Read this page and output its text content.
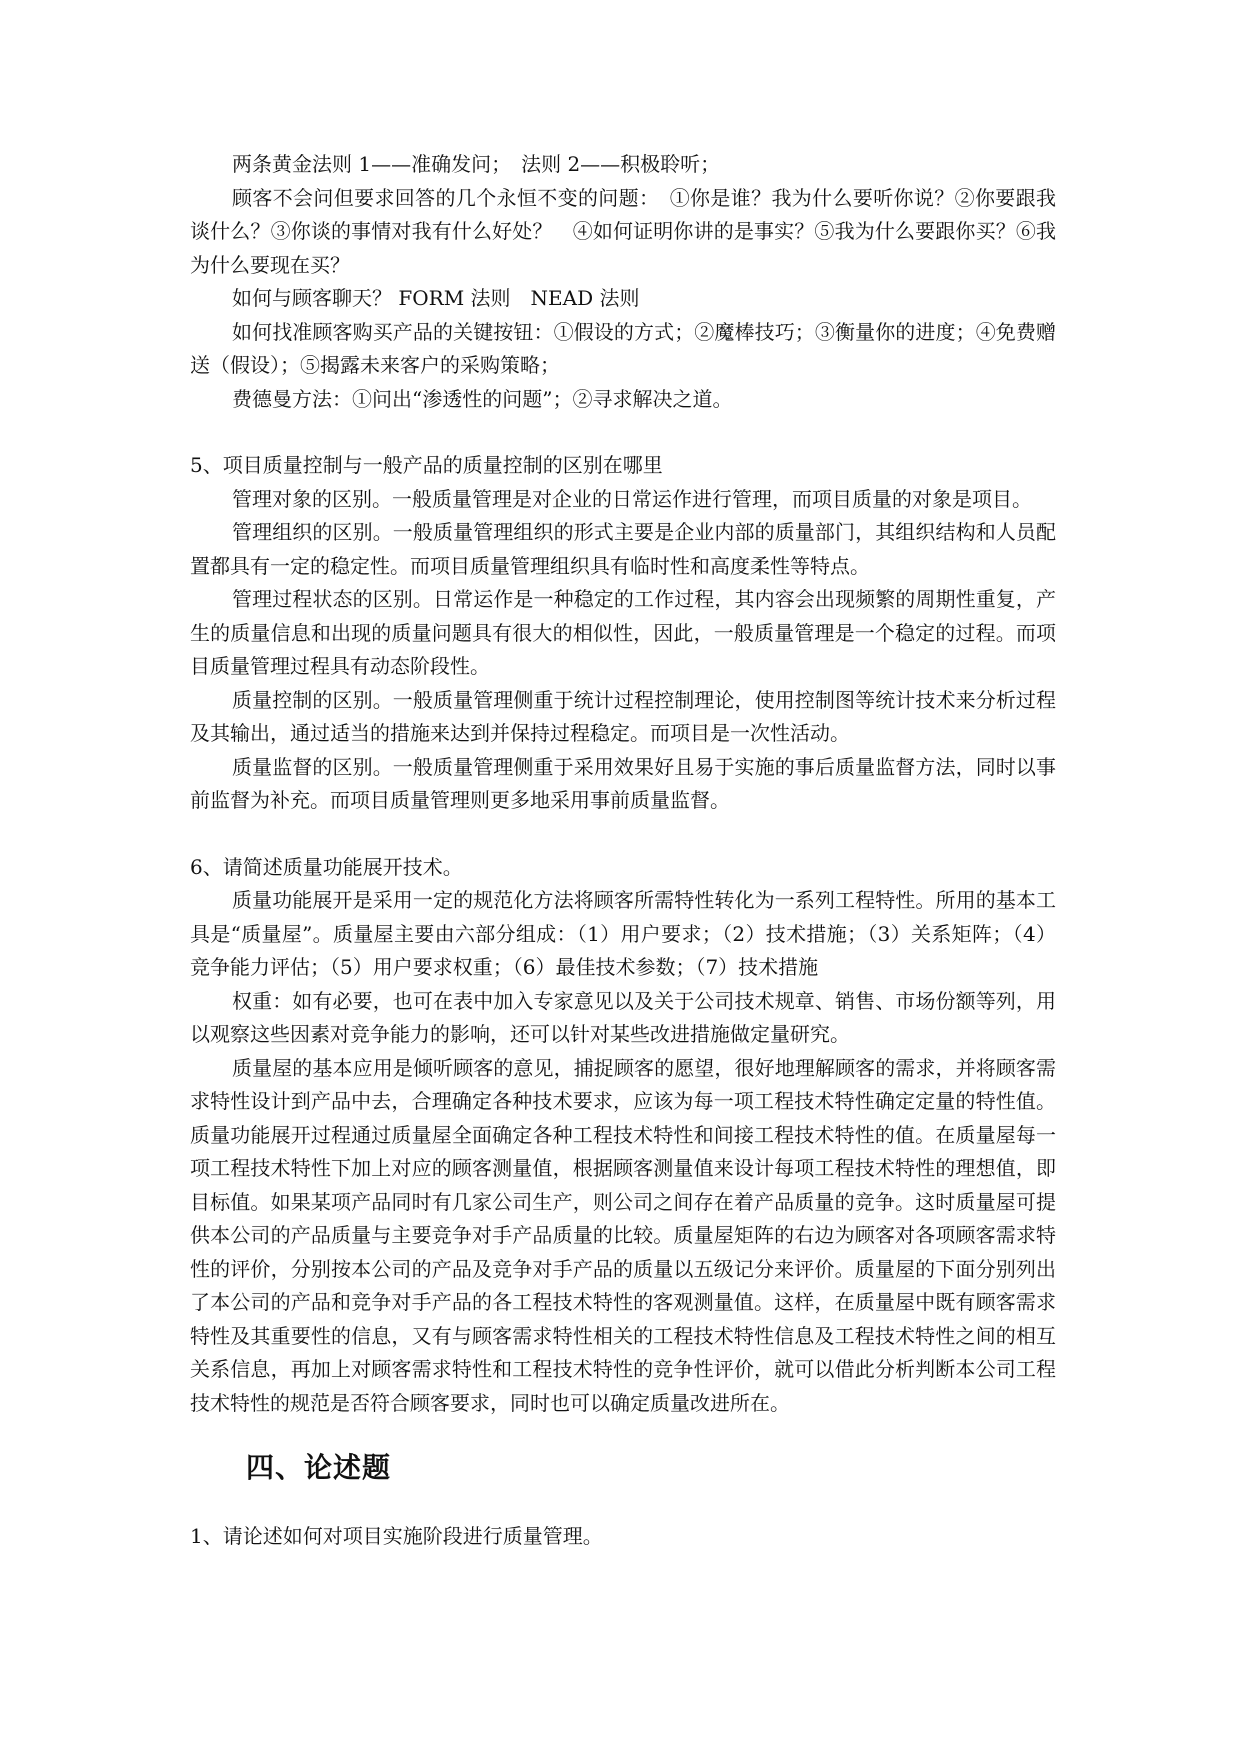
两条黄金法则 1——准确发问；　法则 2——积极聆听；

顾客不会问但要求回答的几个永恒不变的问题：　①你是谁？我为什么要听你说？②你要跟我谈什么？③你谈的事情对我有什么好处？　④如何证明你讲的是事实？⑤我为什么要跟你买？⑥我为什么要现在买？

如何与顾客聊天？ FORM 法则　NEAD 法则

如何找准顾客购买产品的关键按钮：①假设的方式；②魔棒技巧；③衡量你的进度；④免费赠送（假设）；⑤揭露未来客户的采购策略；

费德曼方法：①问出“渗透性的问题”；②寻求解决之道。

5、项目质量控制与一般产品的质量控制的区别在哪里

管理对象的区别。一般质量管理是对企业的日常运作进行管理，而项目质量的对象是项目。

管理组织的区别。一般质量管理组织的形式主要是企业内部的质量部门，其组织结构和人员配置都具有一定的稳定性。而项目质量管理组织具有临时性和高度柔性等特点。

管理过程状态的区别。日常运作是一种稳定的工作过程，其内容会出现频繁的周期性重复，产生的质量信息和出现的质量问题具有很大的相似性，因此，一般质量管理是一个稳定的过程。而项目质量管理过程具有动态阶段性。

质量控制的区别。一般质量管理侧重于统计过程控制理论，使用控制图等统计技术来分析过程及其输出，通过适当的措施来达到并保持过程稳定。而项目是一次性活动。

质量监督的区别。一般质量管理侧重于采用效果好且易于实施的事后质量监督方法，同时以事前监督为补充。而项目质量管理则更多地采用事前质量监督。

6、请简述质量功能展开技术。

质量功能展开是采用一定的规范化方法将顾客所需特性转化为一系列工程特性。所用的基本工具是“质量屋”。质量屋主要由六部分组成：（1）用户要求；（2）技术措施；（3）关系矩阵；（4）竞争能力评估；（5）用户要求权重；（6）最佳技术参数；（7）技术措施

权重：如有必要，也可在表中加入专家意见以及关于公司技术规章、销售、市场份额等列，用以观察这些因素对竞争能力的影响，还可以针对某些改进措施做定量研究。

质量屋的基本应用是倾听顾客的意见，捕捉顾客的愿望，很好地理解顾客的需求，并将顾客需求特性设计到产品中去，合理确定各种技术要求，应该为每一项工程技术特性确定定量的特性值。质量功能展开过程通过质量屋全面确定各种工程技术特性和间接工程技术特性的值。在质量屋每一项工程技术特性下加上对应的顾客测量值，根据顾客测量值来设计每项工程技术特性的理想值，即目标值。如果某项产品同时有几家公司生产，则公司之间存在着产品质量的竞争。这时质量屋可提供本公司的产品质量与主要竞争对手产品质量的比较。质量屋矩阵的右边为顾客对各项顾客需求特性的评价，分别按本公司的产品及竞争对手产品的质量以五级记分来评价。质量屋的下面分别列出了本公司的产品和竞争对手产品的各工程技术特性的客观测量值。这样，在质量屋中既有顾客需求特性及其重要性的信息，又有与顾客需求特性相关的工程技术特性信息及工程技术特性之间的相互关系信息，再加上对顾客需求特性和工程技术特性的竞争性评价，就可以借此分析判断本公司工程技术特性的规范是否符合顾客要求，同时也可以确定质量改进所在。

四、论述题

1、请论述如何对项目实施阶段进行质量管理。
